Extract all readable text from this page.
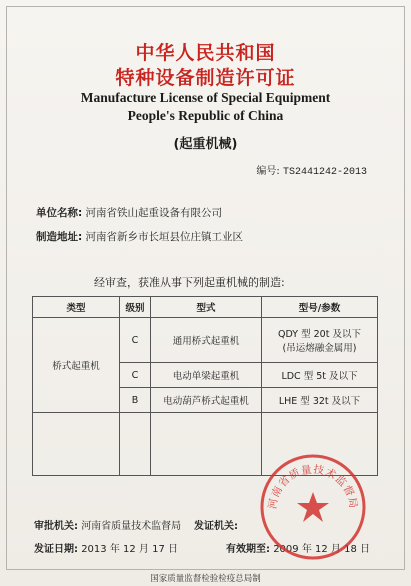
中华人民共和国
特种设备制造许可证
Manufacture License of Special Equipment
People's Republic of China
(起重机械)
编号: TS2441242-2013
单位名称: 河南省铁山起重设备有限公司
制造地址: 河南省新乡市长垣县位庄镇工业区
经审查，获准从事下列起重机械的制造:
类型	级别	型式	型号/参数
桥式起重机	C	通用桥式起重机	QDY 型 20t 及以下
(吊运熔融金属用)

	C	电动单梁起重机	LDC 型 5t 及以下
	B	电动葫芦桥式起重机	LHE 型 32t 及以下

审批机关: 河南省质量技术监督局 发证机关:
发证日期: 2013 年 12 月 17 日	有效期至: 2009 年 12 月 18 日
河南省质量技术监督局
国家质量监督检验检疫总局制
